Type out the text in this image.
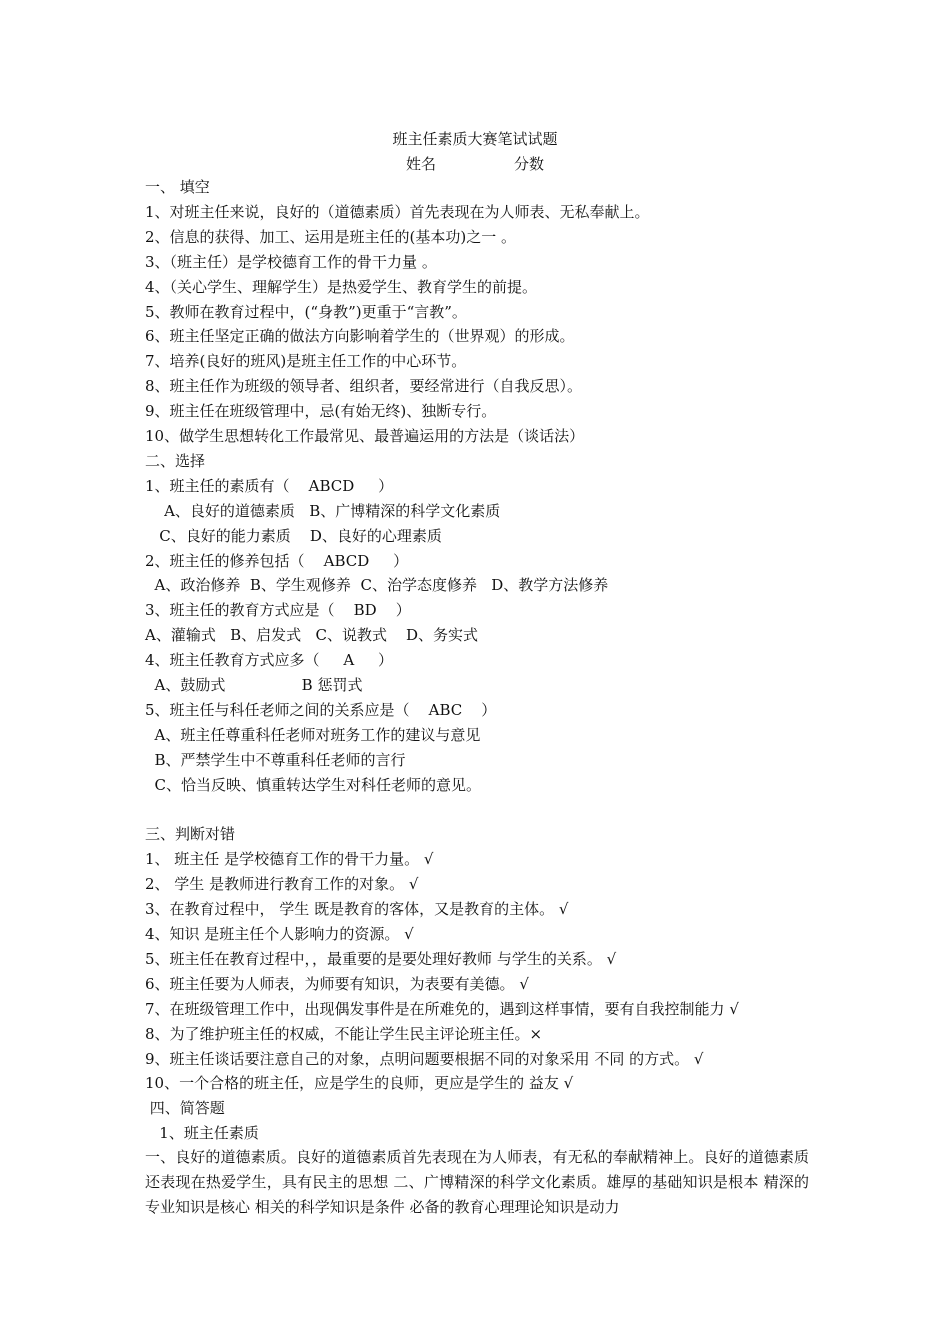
班主任素质大赛笔试试题
姓名	分数
一、 填空
1、对班主任来说，良好的（道德素质）首先表现在为人师表、无私奉献上。
2、信息的获得、加工、运用是班主任的(基本功)之一 。
3、（班主任）是学校德育工作的骨干力量 。
4、（关心学生、理解学生）是热爱学生、教育学生的前提。
5、教师在教育过程中，(“身教”)更重于“言教”。
6、班主任坚定正确的做法方向影响着学生的（世界观）的形成。
7、培养(良好的班风)是班主任工作的中心环节。
8、班主任作为班级的领导者、组织者，要经常进行（自我反思）。
9、班主任在班级管理中，忌(有始无终)、独断专行。
10、做学生思想转化工作最常见、最普遍运用的方法是（谈话法）
二、选择
1、班主任的素质有（    ABCD     ）
A、良好的道德素质   B、广博精深的科学文化素质
C、良好的能力素质    D、良好的心理素质
2、班主任的修养包括（    ABCD     ）
A、政治修养  B、学生观修养  C、治学态度修养   D、教学方法修养
3、班主任的教育方式应是（    BD    ）
A、灌输式   B、启发式   C、说教式    D、务实式
4、班主任教育方式应多（     A     ）
A、鼓励式                B 惩罚式
5、班主任与科任老师之间的关系应是（    ABC    ）
A、班主任尊重科任老师对班务工作的建议与意见
B、严禁学生中不尊重科任老师的言行
C、恰当反映、慎重转达学生对科任老师的意见。
三、判断对错
1、 班主任 是学校德育工作的骨干力量。 √
2、 学生 是教师进行教育工作的对象。 √
3、在教育过程中， 学生 既是教育的客体，又是教育的主体。 √
4、知识 是班主任个人影响力的资源。 √
5、班主任在教育过程中，，最重要的是要处理好教师 与学生的关系。 √
6、班主任要为人师表，为师要有知识，为表要有美德。 √
7、在班级管理工作中，出现偶发事件是在所难免的，遇到这样事情，要有自我控制能力 √
8、为了维护班主任的权威，不能让学生民主评论班主任。×
9、班主任谈话要注意自己的对象，点明问题要根据不同的对象采用 不同 的方式。 √
10、一个合格的班主任，应是学生的良师，更应是学生的 益友 √
四、简答题
1、班主任素质
一、良好的道德素质。良好的道德素质首先表现在为人师表，有无私的奉献精神上。良好的道德素质还表现在热爱学生，具有民主的思想 二、广博精深的科学文化素质。雄厚的基础知识是根本 精深的专业知识是核心 相关的科学知识是条件 必备的教育心理理论知识是动力
